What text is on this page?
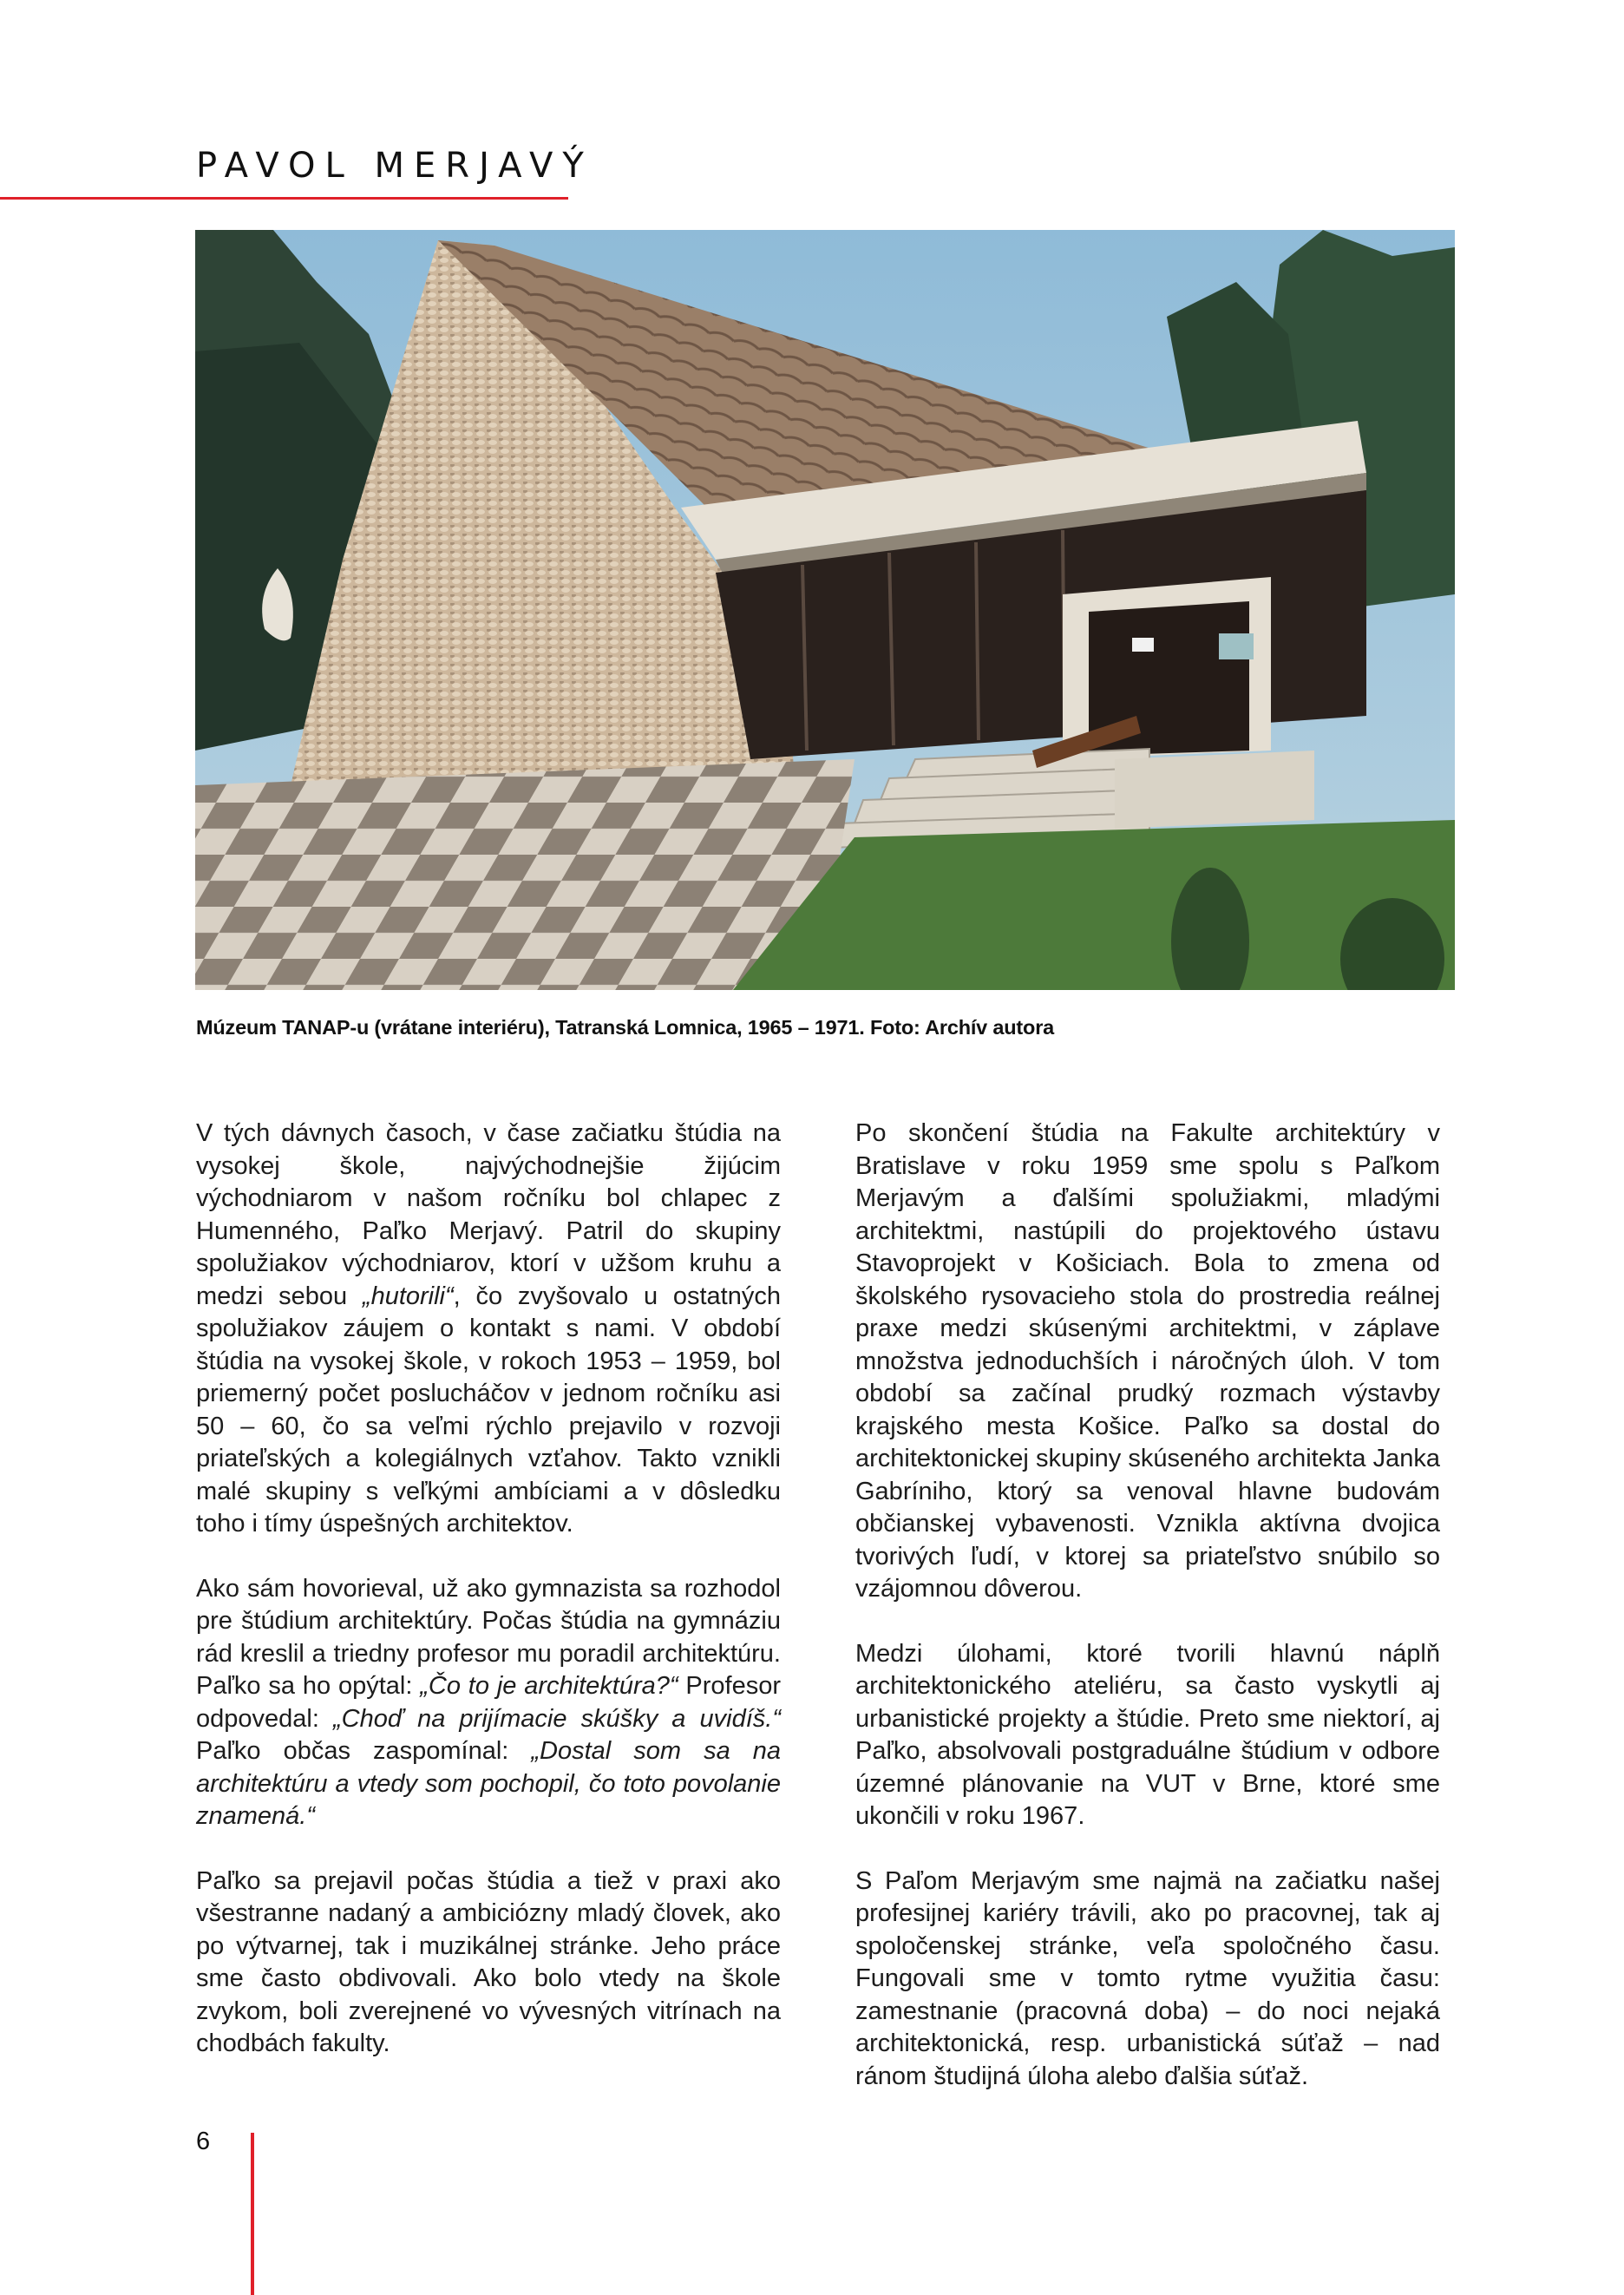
PAVOL MERJAVÝ
Múzeum TANAP-u (vrátane interiéru), Tatranská Lomnica, 1965 – 1971. Foto: Archív autora

V tých dávnych časoch, v čase začiatku štúdia na vysokej škole, najvýchodnejšie žijúcim východniarom v našom ročníku bol chlapec z Humenného, Paľko Merjavý. Patril do skupiny spolužiakov východniarov, ktorí v užšom kruhu a medzi sebou „hutorili“, čo zvyšovalo u ostatných spolužiakov záujem o kontakt s nami. V období štúdia na vysokej škole, v rokoch 1953 – 1959, bol priemerný počet poslucháčov v jednom ročníku asi 50 – 60, čo sa veľmi rýchlo prejavilo v rozvoji priateľských a kolegiálnych vzťahov. Takto vznikli malé skupiny s veľkými ambíciami a v dôsledku toho i tímy úspešných architektov.

Ako sám hovorieval, už ako gymnazista sa rozhodol pre štúdium architektúry. Počas štúdia na gymnáziu rád kreslil a triedny profesor mu poradil architektúru. Paľko sa ho opýtal: „Čo to je architektúra?“ Profesor odpovedal: „Choď na prijímacie skúšky a uvidíš.“ Paľko občas zaspomínal: „Dostal som sa na architektúru a vtedy som pochopil, čo toto povolanie znamená.“

Paľko sa prejavil počas štúdia a tiež v praxi ako všestranne nadaný a ambiciózny mladý človek, ako po výtvarnej, tak i muzikálnej stránke. Jeho práce sme často obdivovali. Ako bolo vtedy na škole zvykom, boli zverejnené vo vývesných vitrínach na chodbách fakulty.

Po skončení štúdia na Fakulte architektúry v Bratislave v roku 1959 sme spolu s Paľkom Merjavým a ďalšími spolužiakmi, mladými architektmi, nastúpili do projektového ústavu Stavoprojekt v Košiciach. Bola to zmena od školského rysovacieho stola do prostredia reálnej praxe medzi skúsenými architektmi, v záplave množstva jednoduchších i náročných úloh. V tom období sa začínal prudký rozmach výstavby krajského mesta Košice. Paľko sa dostal do architektonickej skupiny skúseného architekta Janka Gabríniho, ktorý sa venoval hlavne budovám občianskej vybavenosti. Vznikla aktívna dvojica tvorivých ľudí, v ktorej sa priateľstvo snúbilo so vzájomnou dôverou.

Medzi úlohami, ktoré tvorili hlavnú náplň architektonického ateliéru, sa často vyskytli aj urbanistické projekty a štúdie. Preto sme niektorí, aj Paľko, absolvovali postgraduálne štúdium v odbore územné plánovanie na VUT v Brne, ktoré sme ukončili v roku 1967.

S Paľom Merjavým sme najmä na začiatku našej profesijnej kariéry trávili, ako po pracovnej, tak aj spoločenskej stránke, veľa spoločného času. Fungovali sme v tomto rytme využitia času: zamestnanie (pracovná doba) – do noci nejaká architektonická, resp. urbanistická súťaž – nad ránom študijná úloha alebo ďalšia súťaž.

6
